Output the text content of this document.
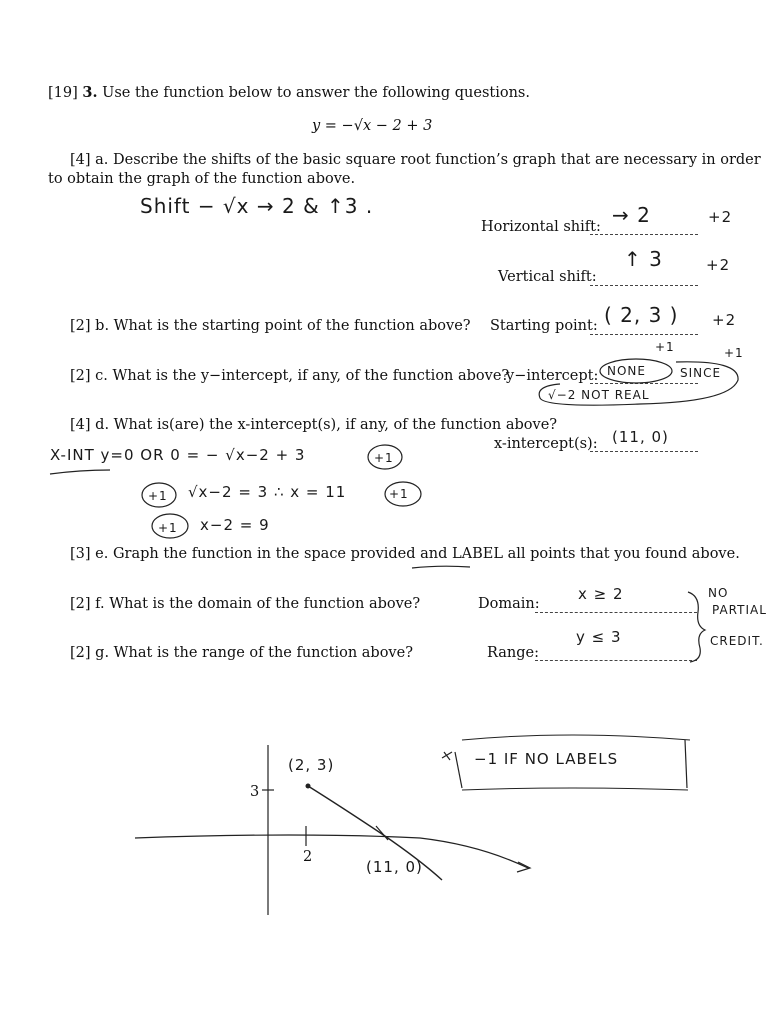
[19] 3. Use the function below to answer the following questions.
y = −√x − 2 + 3
[4] a. Describe the shifts of the basic square root function’s graph that are necessary in order
to obtain the graph of the function above.
Shift − √x → 2 & ↑3 .
Horizontal shift: → 2	+2
Vertical shift:
↑ 3	+2
[2] b. What is the starting point of the function above? Starting point: ( 2, 3 ) +2
[2] c. What is the y−intercept, if any, of the function above?
y−intercept: NONE	SINCE
√−2 NOT REAL
+1	+1
[4] d. What is(are) the x-intercept(s), if any, of the function above?
x-intercept(s): (11, 0)
X-INT y=0 OR 0 = − √x−2 + 3
√x−2 = 3 ∴ x = 11
x−2 = 9
+1
+1	+1
+1
[3] e. Graph the function in the space provided and LABEL all points that you found above.
[2] f. What is the domain of the function above?	Domain:
x ≥ 2
[2] g. What is the range of the function above?	Range:
y ≤ 3
NO
PARTIAL
CREDIT.
3
2
(2, 3)
(11, 0)
−1 IF NO LABELS
